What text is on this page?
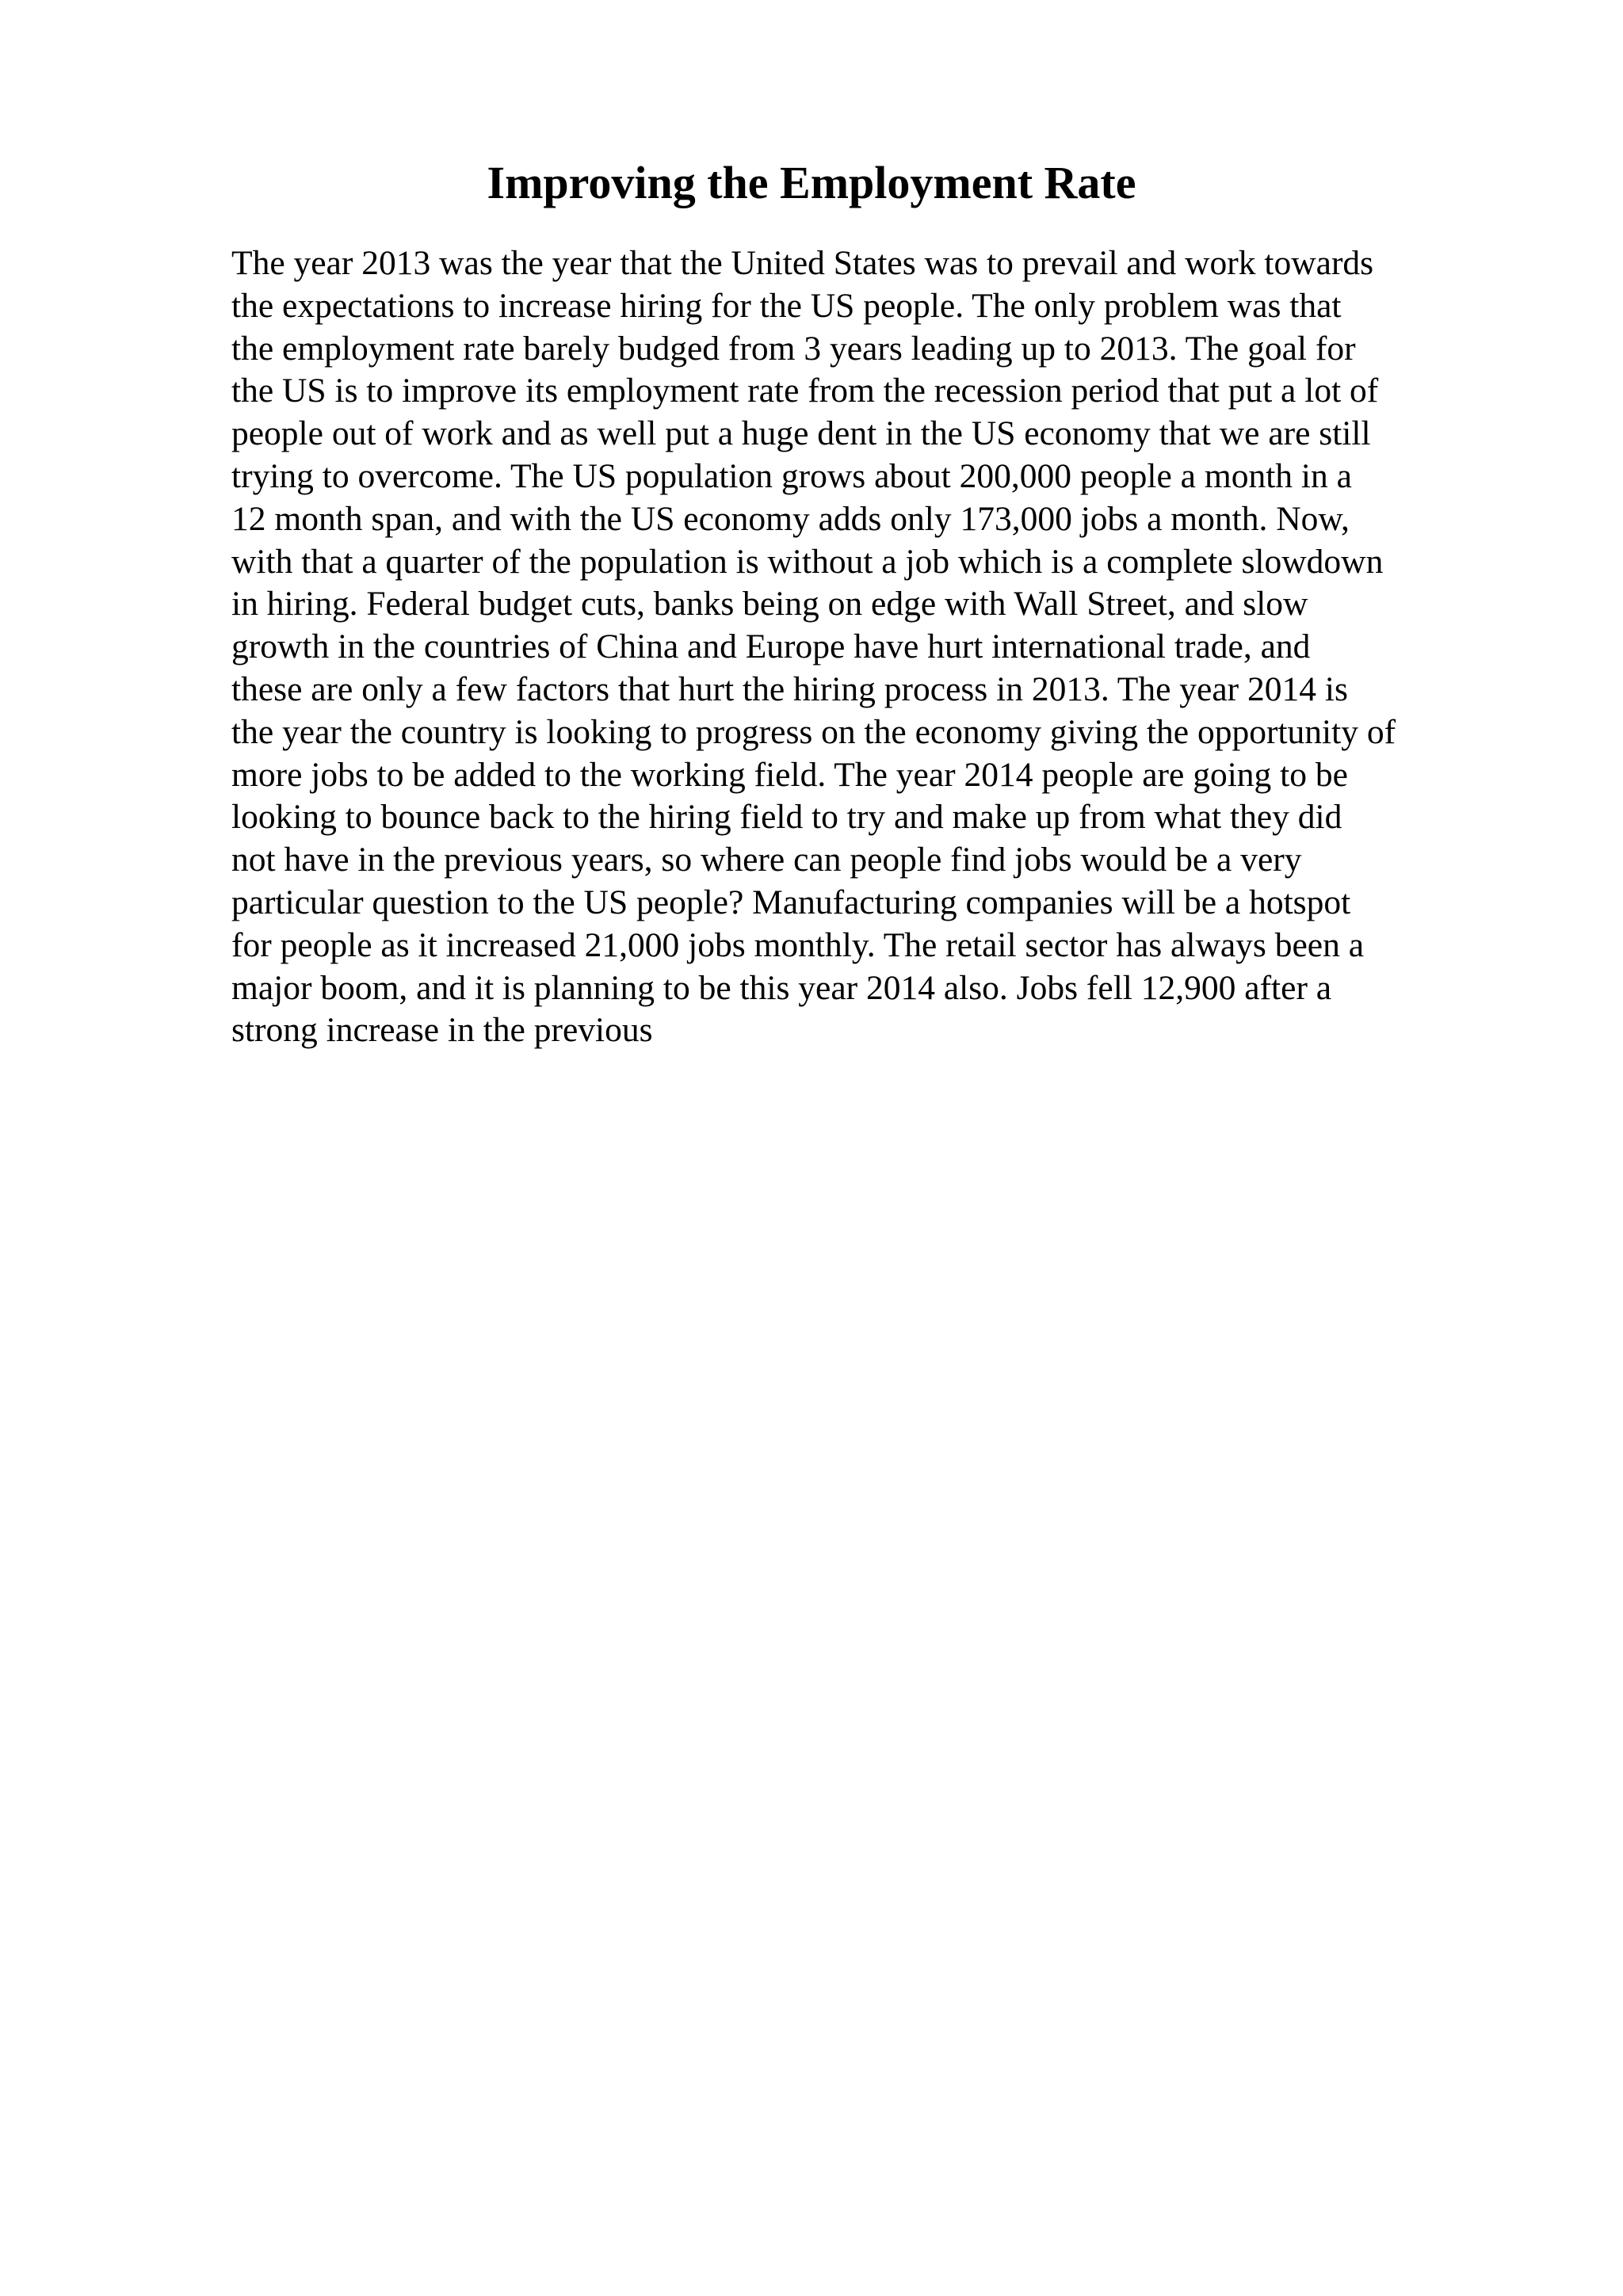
Improving the Employment Rate

The year 2013 was the year that the United States was to prevail and work towards
the expectations to increase hiring for the US people. The only problem was that
the employment rate barely budged from 3 years leading up to 2013. The goal for
the US is to improve its employment rate from the recession period that put a lot of
people out of work and as well put a huge dent in the US economy that we are still
trying to overcome. The US population grows about 200,000 people a month in a
12 month span, and with the US economy adds only 173,000 jobs a month. Now,
with that a quarter of the population is without a job which is a complete slowdown
in hiring. Federal budget cuts, banks being on edge with Wall Street, and slow
growth in the countries of China and Europe have hurt international trade, and
these are only a few factors that hurt the hiring process in 2013. The year 2014 is
the year the country is looking to progress on the economy giving the opportunity of
more jobs to be added to the working field. The year 2014 people are going to be
looking to bounce back to the hiring field to try and make up from what they did
not have in the previous years, so where can people find jobs would be a very
particular question to the US people? Manufacturing companies will be a hotspot
for people as it increased 21,000 jobs monthly. The retail sector has always been a
major boom, and it is planning to be this year 2014 also. Jobs fell 12,900 after a
strong increase in the previous
